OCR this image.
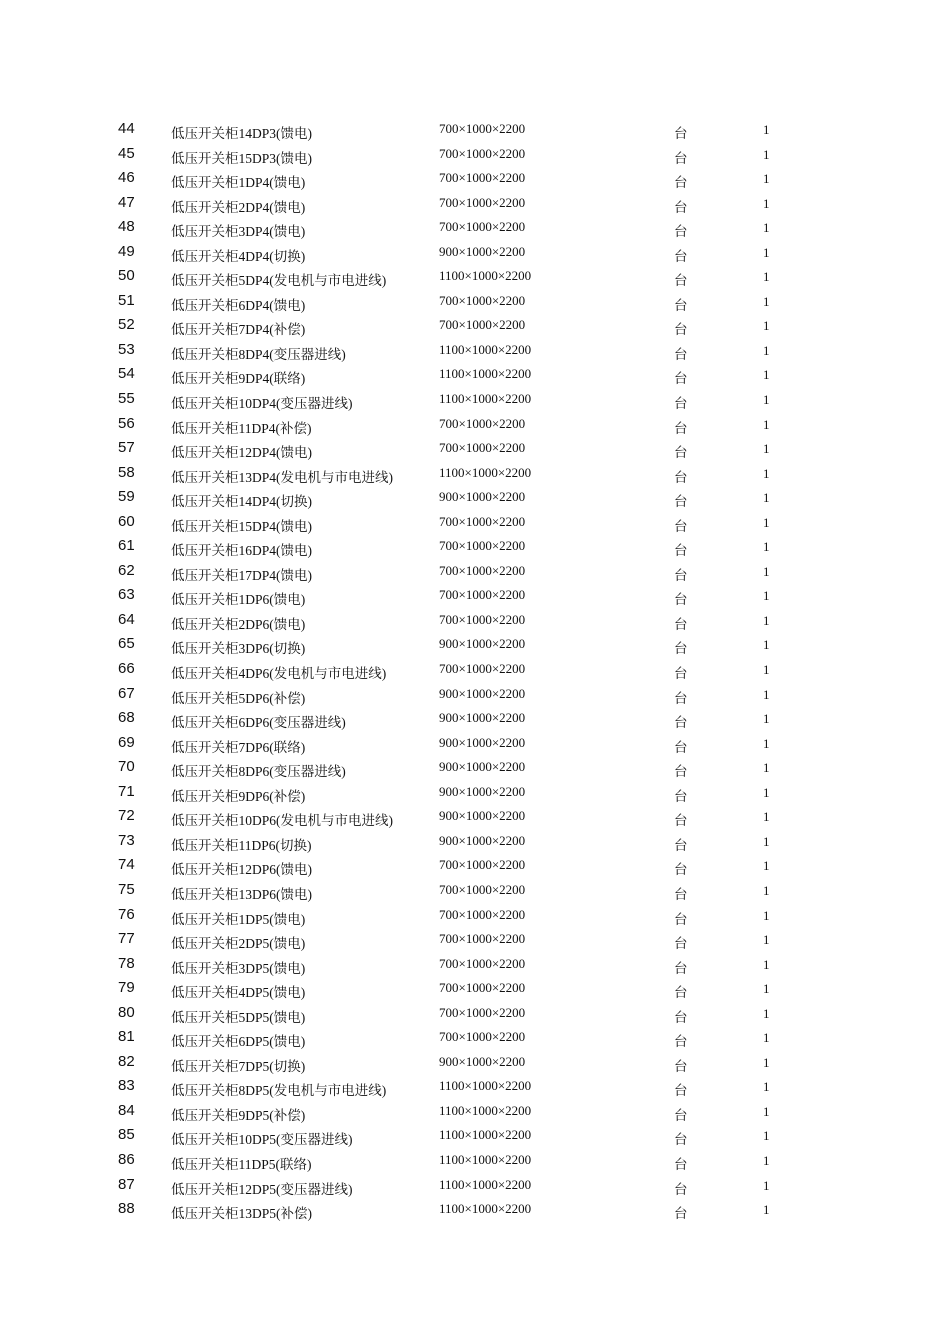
44	低压开关柜14DP3(馈电)	700×1000×2200	台	1
45	低压开关柜15DP3(馈电)	700×1000×2200	台	1
46	低压开关柜1DP4(馈电)	700×1000×2200	台	1
47	低压开关柜2DP4(馈电)	700×1000×2200	台	1
48	低压开关柜3DP4(馈电)	700×1000×2200	台	1
49	低压开关柜4DP4(切换)	900×1000×2200	台	1
50	低压开关柜5DP4(发电机与市电进线)	1100×1000×2200	台	1
51	低压开关柜6DP4(馈电)	700×1000×2200	台	1
52	低压开关柜7DP4(补偿)	700×1000×2200	台	1
53	低压开关柜8DP4(变压器进线)	1100×1000×2200	台	1
54	低压开关柜9DP4(联络)	1100×1000×2200	台	1
55	低压开关柜10DP4(变压器进线)	1100×1000×2200	台	1
56	低压开关柜11DP4(补偿)	700×1000×2200	台	1
57	低压开关柜12DP4(馈电)	700×1000×2200	台	1
58	低压开关柜13DP4(发电机与市电进线)	1100×1000×2200	台	1
59	低压开关柜14DP4(切换)	900×1000×2200	台	1
60	低压开关柜15DP4(馈电)	700×1000×2200	台	1
61	低压开关柜16DP4(馈电)	700×1000×2200	台	1
62	低压开关柜17DP4(馈电)	700×1000×2200	台	1
63	低压开关柜1DP6(馈电)	700×1000×2200	台	1
64	低压开关柜2DP6(馈电)	700×1000×2200	台	1
65	低压开关柜3DP6(切换)	900×1000×2200	台	1
66	低压开关柜4DP6(发电机与市电进线)	700×1000×2200	台	1
67	低压开关柜5DP6(补偿)	900×1000×2200	台	1
68	低压开关柜6DP6(变压器进线)	900×1000×2200	台	1
69	低压开关柜7DP6(联络)	900×1000×2200	台	1
70	低压开关柜8DP6(变压器进线)	900×1000×2200	台	1
71	低压开关柜9DP6(补偿)	900×1000×2200	台	1
72	低压开关柜10DP6(发电机与市电进线)	900×1000×2200	台	1
73	低压开关柜11DP6(切换)	900×1000×2200	台	1
74	低压开关柜12DP6(馈电)	700×1000×2200	台	1
75	低压开关柜13DP6(馈电)	700×1000×2200	台	1
76	低压开关柜1DP5(馈电)	700×1000×2200	台	1
77	低压开关柜2DP5(馈电)	700×1000×2200	台	1
78	低压开关柜3DP5(馈电)	700×1000×2200	台	1
79	低压开关柜4DP5(馈电)	700×1000×2200	台	1
80	低压开关柜5DP5(馈电)	700×1000×2200	台	1
81	低压开关柜6DP5(馈电)	700×1000×2200	台	1
82	低压开关柜7DP5(切换)	900×1000×2200	台	1
83	低压开关柜8DP5(发电机与市电进线)	1100×1000×2200	台	1
84	低压开关柜9DP5(补偿)	1100×1000×2200	台	1
85	低压开关柜10DP5(变压器进线)	1100×1000×2200	台	1
86	低压开关柜11DP5(联络)	1100×1000×2200	台	1
87	低压开关柜12DP5(变压器进线)	1100×1000×2200	台	1
88	低压开关柜13DP5(补偿)	1100×1000×2200	台	1
